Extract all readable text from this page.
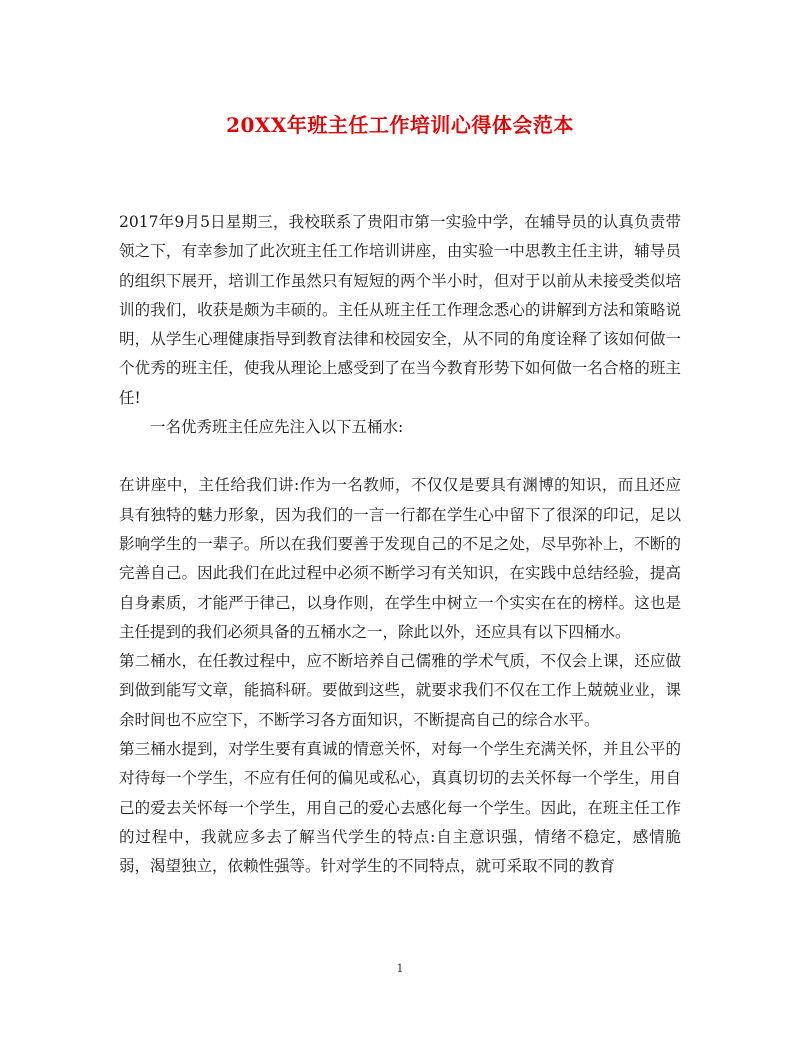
20XX年班主任工作培训心得体会范本

2017年9月5日星期三，我校联系了贵阳市第一实验中学，在辅导员的认真负责带领之下，有幸参加了此次班主任工作培训讲座，由实验一中思教主任主讲，辅导员的组织下展开，培训工作虽然只有短短的两个半小时，但对于以前从未接受类似培训的我们，收获是颇为丰硕的。主任从班主任工作理念悉心的讲解到方法和策略说明，从学生心理健康指导到教育法律和校园安全，从不同的角度诠释了该如何做一个优秀的班主任，使我从理论上感受到了在当今教育形势下如何做一名合格的班主任!

一名优秀班主任应先注入以下五桶水:

在讲座中，主任给我们讲:作为一名教师，不仅仅是要具有渊博的知识，而且还应具有独特的魅力形象，因为我们的一言一行都在学生心中留下了很深的印记，足以影响学生的一辈子。所以在我们要善于发现自己的不足之处，尽早弥补上，不断的完善自己。因此我们在此过程中必须不断学习有关知识，在实践中总结经验，提高自身素质，才能严于律己，以身作则，在学生中树立一个实实在在的榜样。这也是主任提到的我们必须具备的五桶水之一，除此以外，还应具有以下四桶水。

第二桶水，在任教过程中，应不断培养自己儒雅的学术气质，不仅会上课，还应做到做到能写文章，能搞科研。要做到这些，就要求我们不仅在工作上兢兢业业，课余时间也不应空下，不断学习各方面知识，不断提高自己的综合水平。

第三桶水提到，对学生要有真诚的情意关怀，对每一个学生充满关怀，并且公平的对待每一个学生，不应有任何的偏见或私心，真真切切的去关怀每一个学生，用自己的爱去关怀每一个学生，用自己的爱心去感化每一个学生。因此，在班主任工作的过程中，我就应多去了解当代学生的特点:自主意识强，情绪不稳定，感情脆弱，渴望独立，依赖性强等。针对学生的不同特点，就可采取不同的教育

1
